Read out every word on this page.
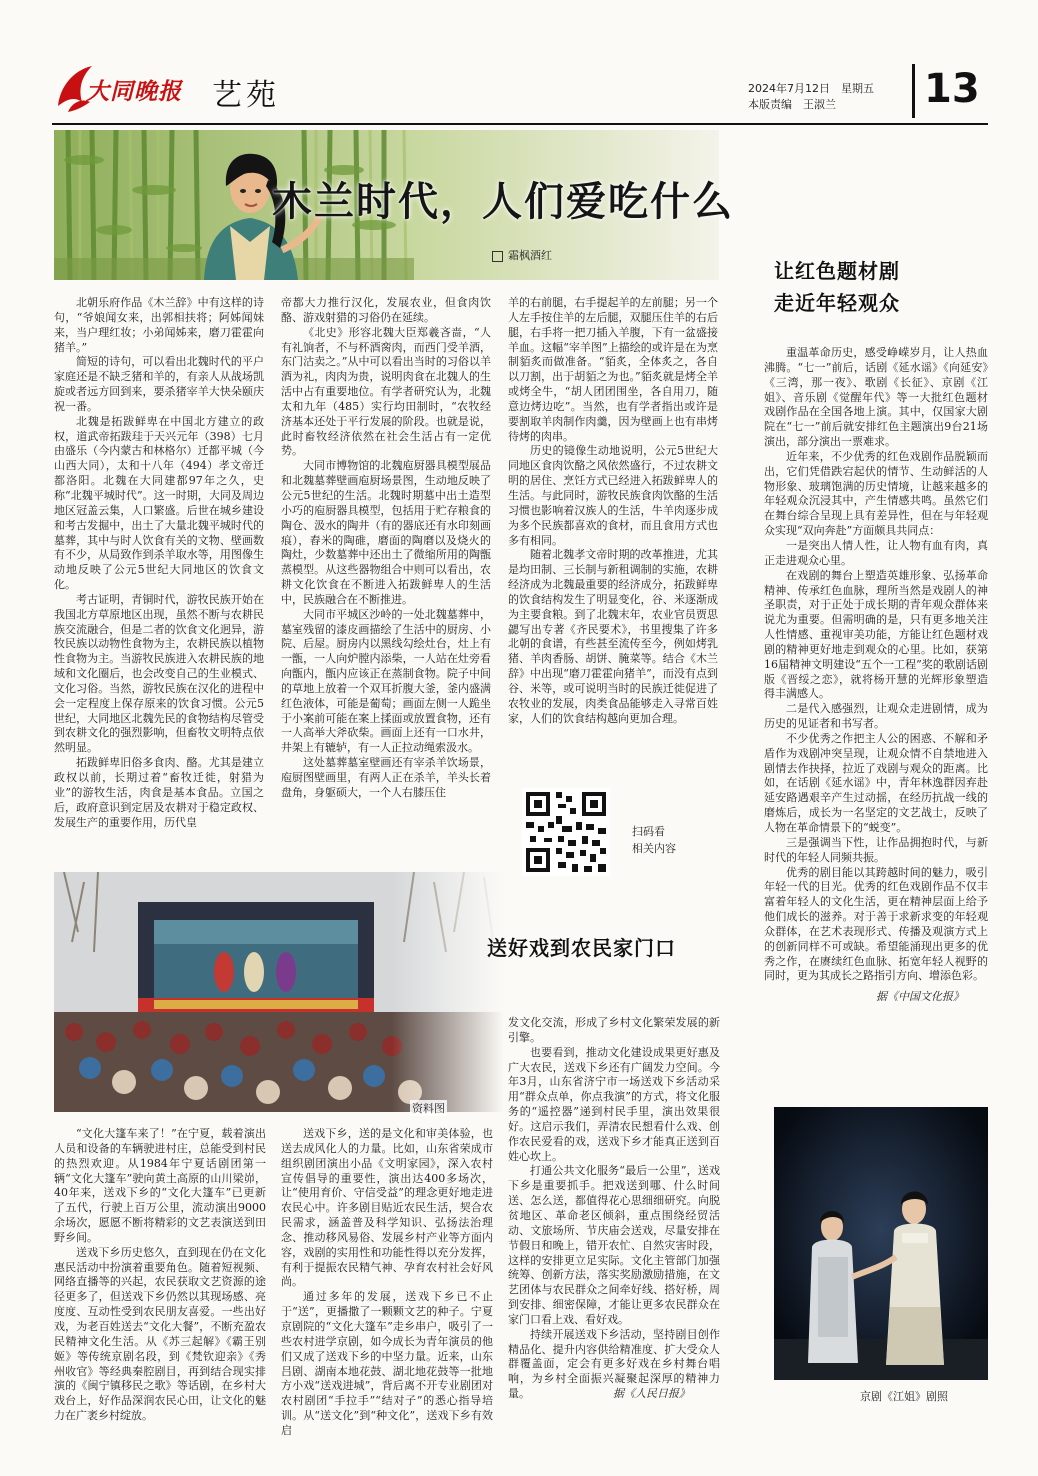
大同晚报 艺苑	2024年7月12日　星期五
本版责编　王淑兰 13
木兰时代，人们爱吃什么
霜枫酒红

北朝乐府作品《木兰辞》中有这样的诗句，“爷娘闻女来，出郭相扶将；阿姊闻妹来，当户理红妆；小弟闻姊来，磨刀霍霍向猪羊。”

简短的诗句，可以看出北魏时代的平户家庭还是不缺乏猪和羊的，有亲人从战场凯旋或者远方回到来，要杀猪宰羊大快朵颐庆祝一番。

北魏是拓跋鲜卑在中国北方建立的政权，道武帝拓跋珪于天兴元年（398）七月由盛乐（今内蒙古和林格尔）迁都平城（今山西大同），太和十八年（494）孝文帝迁都洛阳。北魏在大同建都97年之久，史称“北魏平城时代”。这一时期，大同及周边地区冠盖云集，人口繁盛。后世在城乡建设和考古发掘中，出土了大量北魏平城时代的墓葬，其中与时人饮食有关的文物、壁画数有不少，从局致作到杀羊取水等，用图像生动地反映了公元5世纪大同地区的饮食文化。

考古证明，青铜时代，游牧民族开始在我国北方草原地区出现，虽然不断与农耕民族交流融合，但是二者的饮食文化迥异，游牧民族以动物性食物为主，农耕民族以植物性食物为主。当游牧民族进入农耕民族的地域和文化圈后，也会改变自己的生业模式、文化习俗。当然，游牧民族在汉化的进程中会一定程度上保存原来的饮食习惯。公元5世纪，大同地区北魏先民的食物结构尽管受到农耕文化的强烈影响，但畜牧文明特点依然明显。

拓跋鲜卑旧俗多食肉、酪。尤其是建立政权以前，长期过着“畜牧迁徙，射猎为业”的游牧生活，肉食是基本食品。立国之后，政府意识到定居及农耕对于稳定政权、发展生产的重要作用，历代皇

帝都大力推行汉化，发展农业，但食肉饮酪、游戏射猎的习俗仍在延续。

《北史》形容北魏大臣郑羲吝啬，“人有礼饷者，不与杯酒脔肉，而西门受羊酒，东门沽卖之。”从中可以看出当时的习俗以羊酒为礼，肉肉为贵，说明肉食在北魏人的生活中占有重要地位。有学者研究认为，北魏太和九年（485）实行均田制时，“农牧经济基本还处于平行发展的阶段。也就是说，此时畜牧经济依然在社会生活占有一定优势。

大同市博物馆的北魏庖厨器具模型展品和北魏墓葬壁画庖厨场景图，生动地反映了公元5世纪的生活。北魏时期墓中出土造型小巧的庖厨器具模型，包括用于贮存粮食的陶仓、汲水的陶井（有的器底还有水印刻画痕），舂米的陶碓，磨面的陶磨以及烧火的陶灶，少数墓葬中还出土了微缩所用的陶甑蒸模型。从这些器物组合中则可以看出，农耕文化饮食在不断进入拓跋鲜卑人的生活中，民族融合在不断推进。

大同市平城区沙岭的一处北魏墓葬中，墓室残留的漆皮画描绘了生活中的厨房、小院、后屋。厨房内以黑线勾绘灶台，灶上有一甑，一人向炉膛内添柴，一人站在灶旁看向甑内，甑内应该正在蒸制食物。院子中间的草地上放着一个双耳折腹大釜，釜内盛满红色液体，可能是葡萄；画面左侧一人跪坐于小案前可能在案上揉面或放置食物，还有一人高举大斧砍柴。画面上还有一口水井，井架上有辘轳，有一人正拉动绳索汲水。

这处墓葬墓室壁画还有宰杀羊饮场景，庖厨图壁画里，有两人正在杀羊，羊头长着盘角，身躯硕大，一个人右膝压住

羊的右前腿，右手提起羊的左前腿；另一个人左手按住羊的左后腿，双腿压住羊的右后腿，右手将一把刀插入羊腹，下有一盆盛接羊血。这幅“宰羊图”上描绘的或许是在为烹制貊炙而做准备。“貊炙，全体炙之，各自以刀割，出于胡貊之为也。”貊炙就是烤全羊或烤全牛，“胡人团团围坐，各自用刀，随意边烤边吃”。当然，也有学者指出或许是要割取羊肉制作肉羹，因为壁画上也有串烤待烤的肉串。

历史的镜像生动地说明，公元5世纪大同地区食肉饮酪之风依然盛行，不过农耕文明的居住、烹饪方式已经进入拓跋鲜卑人的生活。与此同时，游牧民族食肉饮酪的生活习惯也影响着汉族人的生活，牛羊肉逐步成为多个民族都喜欢的食材，而且食用方式也多有相同。

随着北魏孝文帝时期的改革推进，尤其是均田制、三长制与新租调制的实施，农耕经济成为北魏最重要的经济成分，拓跋鲜卑的饮食结构发生了明显变化，谷、米逐渐成为主要食粮。到了北魏末年，农业官员贾思勰写出专著《齐民要术》，书里搜集了许多北朝的食谱，有些甚至流传至今，例如烤乳猪、羊肉香肠、胡饼、腌菜等。结合《木兰辞》中出现“磨刀霍霍向猪羊”，而没有点到谷、米等，或可说明当时的民族迁徙促进了农牧业的发展，肉类食品能够走入寻常百姓家，人们的饮食结构越向更加合理。

扫码看
相关内容
让红色题材剧
走近年轻观众

重温革命历史，感受峥嵘岁月，让人热血沸腾。“七一”前后，话剧《延水谣》《向延安》《三湾，那一夜》、歌剧《长征》、京剧《江姐》、音乐剧《觉醒年代》等一大批红色题材戏剧作品在全国各地上演。其中，仅国家大剧院在“七一”前后就安排红色主题演出9台21场演出，部分演出一票难求。

近年来，不少优秀的红色戏剧作品脱颖而出，它们凭借跌宕起伏的情节、生动鲜活的人物形象、玻璃饱满的历史情境，让越来越多的年轻观众沉浸其中，产生情感共鸣。虽然它们在舞台综合呈现上具有差异性，但在与年轻观众实现“双向奔赴”方面颇具共同点：

一是突出人情人性，让人物有血有肉，真正走进观众心里。

在戏剧的舞台上塑造英雄形象、弘扬革命精神、传承红色血脉，理所当然是戏剧人的神圣职责，对于正处于成长期的青年观众群体来说尤为重要。但需明确的是，只有更多地关注人性情感、重视审美功能，方能让红色题材戏剧的精神更好地走到观众的心里。比如，获第16届精神文明建设“五个一工程”奖的歌剧话剧版《晋绥之恋》，就将杨开慧的光辉形象塑造得丰满感人。

二是代入感强烈，让观众走进剧情，成为历史的见证者和书写者。

不少优秀之作把主人公的困惑、不解和矛盾作为戏剧冲突呈现，让观众情不自禁地进入剧情去作抉择，拉近了戏剧与观众的距离。比如，在话剧《延水谣》中，青年林逸群因弃赴延安路遇艰辛产生过动摇，在经历抗战一线的磨炼后，成长为一名坚定的文艺战士，反映了人物在革命情景下的“蜕变”。

三是强调当下性，让作品拥抱时代，与新时代的年轻人同频共振。

优秀的剧目能以其跨越时间的魅力，吸引年轻一代的目光。优秀的红色戏剧作品不仅丰富着年轻人的文化生活，更在精神层面上给予他们成长的滋养。对于善于求新求变的年轻观众群体，在艺术表现形式、传播及观演方式上的创新同样不可或缺。希望能涌现出更多的优秀之作，在赓续红色血脉、拓宽年轻人视野的同时，更为其成长之路指引方向、增添色彩。

据《中国文化报》
京剧《江姐》剧照
资料图
送好戏到农民家门口

“文化大篷车来了！”在宁夏，载着演出人员和设备的车辆驶进村庄，总能受到村民的热烈欢迎。从1984年宁夏话剧团第一辆“文化大篷车”驶向黄土高原的山川梁峁，40年来，送戏下乡的“文化大篷车”已更新了五代，行驶上百万公里，流动演出9000余场次，愿愿不断将精彩的文艺表演送到田野乡间。

送戏下乡历史悠久，直到现在仍在文化惠民活动中扮演着重要角色。随着短视频、网络直播等的兴起，农民获取文艺资源的途径更多了，但送戏下乡仍然以其现场感、亮度度、互动性受到农民朋友喜爱。一些出好戏，为老百姓送去“文化大餐”，不断充盈农民精神文化生活。从《苏三起解》《霸王别姬》等传统京剧名段，到《梵钦迎亲》《秀州收官》等经典秦腔剧目，再到结合现实排演的《闽宁镇移民之歌》等话剧，在乡村大戏台上，好作品深润农民心田，让文化的魅力在广袤乡村绽放。

送戏下乡，送的是文化和审美体验，也送去成风化人的力量。比如，山东省荣成市组织剧团演出小品《文明家园》，深入农村宣传倡导的重要性，演出达400多场次，让“使用育价、守信受益”的理念更好地走进农民心中。许多剧目贴近农民生活，契合农民需求，涵盖普及科学知识、弘扬法治理念、推动移风易俗、发展乡村产业等方面内容，戏剧的实用性和功能性得以充分发挥，有利于提振农民精气神、孕育农村社会好风尚。

通过多年的发展，送戏下乡已不止于“送”，更播撒了一颗颗文艺的种子。宁夏京剧院的“文化大篷车”走乡串户，吸引了一些农村进学京剧，如今成长为青年演员的他们又成了送戏下乡的中坚力量。近来，山东吕剧、湖南本地花鼓、湖北地花鼓等一批地方小戏“送戏进城”，背后离不开专业剧团对农村剧团“手拉手”“结对子”的悉心指导培训。从“送文化”到“种文化”，送戏下乡有效启

发文化交流，形成了乡村文化繁荣发展的新引擎。

也要看到，推动文化建设成果更好惠及广大农民，送戏下乡还有广阔发力空间。今年3月，山东省济宁市一场送戏下乡活动采用“群众点单，你点我演”的方式，将文化服务的“遥控器”递到村民手里，演出效果很好。这启示我们，弄清农民想看什么戏、创作农民爱看的戏，送戏下乡才能真正送到百姓心坎上。

打通公共文化服务“最后一公里”，送戏下乡是重要抓手。把戏送到哪、什么时间送、怎么送，都值得花心思细细研究。向脱贫地区、革命老区倾斜，重点围绕经贸活动、文旅场所、节庆庙会送戏，尽量安排在节假日和晚上，错开农忙、自然灾害时段，这样的安排更立足实际。文化主管部门加强统筹、创新方法，落实奖励激励措施，在文艺团体与农民群众之间牵好线、搭好桥，周到安排、细密保障，才能让更多农民群众在家门口看上戏、看好戏。

持续开展送戏下乡活动，坚持剧目创作精品化、提升内容供给精准度、扩大受众人群覆盖面，定会有更多好戏在乡村舞台唱响，为乡村全面振兴凝聚起深厚的精神力量。	据《人民日报》
